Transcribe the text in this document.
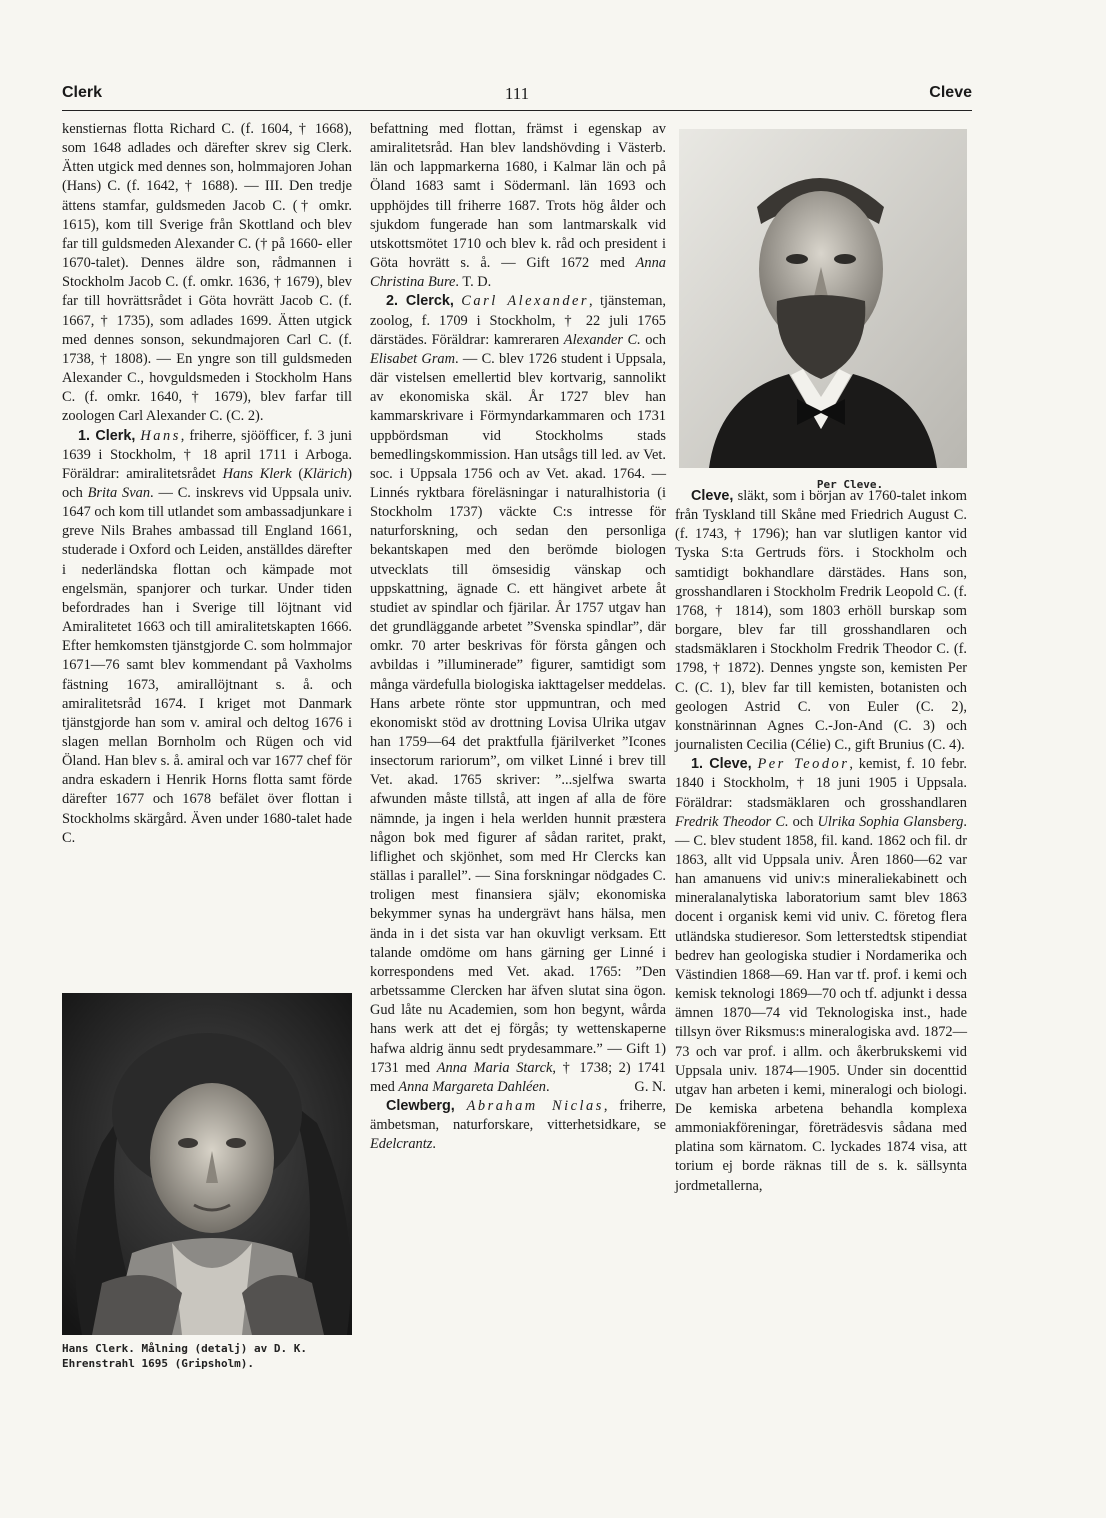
Clerk	111	Cleve

kenstiernas flotta Richard C. (f. 1604, † 1668), som 1648 adlades och därefter skrev sig Clerk. Ätten utgick med dennes son, holmmajoren Johan (Hans) C. (f. 1642, † 1688). — III. Den tredje ättens stamfar, guldsmeden Jacob C. († omkr. 1615), kom till Sverige från Skottland och blev far till guldsmeden Alexander C. († på 1660- eller 1670-talet). Dennes äldre son, rådmannen i Stockholm Jacob C. (f. omkr. 1636, † 1679), blev far till hovrättsrådet i Göta hovrätt Jacob C. (f. 1667, † 1735), som adlades 1699. Ätten utgick med dennes sonson, sekundmajoren Carl C. (f. 1738, † 1808). — En yngre son till guldsmeden Alexander C., hovguldsmeden i Stockholm Hans C. (f. omkr. 1640, † 1679), blev farfar till zoologen Carl Alexander C. (C. 2).

1. Clerk, Hans, friherre, sjööfficer, f. 3 juni 1639 i Stockholm, † 18 april 1711 i Arboga. Föräldrar: amiralitetsrådet Hans Klerk (Klärich) och Brita Svan. — C. inskrevs vid Uppsala univ. 1647 och kom till utlandet som ambassadjunkare i greve Nils Brahes ambassad till England 1661, studerade i Oxford och Leiden, anställdes därefter i nederländska flottan och kämpade mot engelsmän, spanjorer och turkar. Under tiden befordrades han i Sverige till löjtnant vid Amiralitetet 1663 och till amiralitetskapten 1666. Efter hemkomsten tjänstgjorde C. som holmmajor 1671—76 samt blev kommendant på Vaxholms fästning 1673, amirallöjtnant s. å. och amiralitetsråd 1674. I kriget mot Danmark tjänstgjorde han som v. amiral och deltog 1676 i slagen mellan Bornholm och Rügen och vid Öland. Han blev s. å. amiral och var 1677 chef för andra eskadern i Henrik Horns flotta samt förde därefter 1677 och 1678 befälet över flottan i Stockholms skärgård. Även under 1680-talet hade C.

Hans Clerk. Målning (detalj) av D. K. Ehrenstrahl 1695 (Gripsholm).

befattning med flottan, främst i egenskap av amiralitetsråd. Han blev landshövding i Västerb. län och lappmarkerna 1680, i Kalmar län och på Öland 1683 samt i Södermanl. län 1693 och upphöjdes till friherre 1687. Trots hög ålder och sjukdom fungerade han som lantmarskalk vid utskottsmötet 1710 och blev k. råd och president i Göta hovrätt s. å. — Gift 1672 med Anna Christina Bure. T. D.

2. Clerck, Carl Alexander, tjänsteman, zoolog, f. 1709 i Stockholm, † 22 juli 1765 därstädes. Föräldrar: kamreraren Alexander C. och Elisabet Gram. — C. blev 1726 student i Uppsala, där vistelsen emellertid blev kortvarig, sannolikt av ekonomiska skäl. År 1727 blev han kammarskrivare i Förmyndarkammaren och 1731 uppbördsman vid Stockholms stads bemedlingskommission. Han utsågs till led. av Vet. soc. i Uppsala 1756 och av Vet. akad. 1764. — Linnés ryktbara föreläsningar i naturalhistoria (i Stockholm 1737) väckte C:s intresse för naturforskning, och sedan den personliga bekantskapen med den berömde biologen utvecklats till ömsesidig vänskap och uppskattning, ägnade C. ett hängivet arbete åt studiet av spindlar och fjärilar. År 1757 utgav han det grundläggande arbetet ”Svenska spindlar”, där omkr. 70 arter beskrivas för första gången och avbildas i ”illuminerade” figurer, samtidigt som många värdefulla biologiska iakttagelser meddelas. Hans arbete rönte stor uppmuntran, och med ekonomiskt stöd av drottning Lovisa Ulrika utgav han 1759—64 det praktfulla fjärilverket ”Icones insectorum rariorum”, om vilket Linné i brev till Vet. akad. 1765 skriver: ”...sjelfwa swarta afwunden måste tillstå, att ingen af alla de före nämnde, ja ingen i hela werlden hunnit præstera någon bok med figurer af sådan raritet, prakt, liflighet och skjönhet, som med Hr Clercks kan ställas i parallel”. — Sina forskningar nödgades C. troligen mest finansiera själv; ekonomiska bekymmer synas ha undergrävt hans hälsa, men ända in i det sista var han okuvligt verksam. Ett talande omdöme om hans gärning ger Linné i korrespondens med Vet. akad. 1765: ”Den arbetssamme Clercken har äfven slutat sina ögon. Gud låte nu Academien, som hon begynt, wårda hans werk att det ej förgås; ty wettenskaperne hafwa aldrig ännu sedt prydesammare.” — Gift 1) 1731 med Anna Maria Starck, † 1738; 2) 1741 med Anna Margareta Dahléen.	G. N.

Clewberg, Abraham Niclas, friherre, ämbetsman, naturforskare, vitterhetsidkare, se Edelcrantz.

Per Cleve.

Cleve, släkt, som i början av 1760-talet inkom från Tyskland till Skåne med Friedrich August C. (f. 1743, † 1796); han var slutligen kantor vid Tyska S:ta Gertruds förs. i Stockholm och samtidigt bokhandlare därstädes. Hans son, grosshandlaren i Stockholm Fredrik Leopold C. (f. 1768, † 1814), som 1803 erhöll burskap som borgare, blev far till grosshandlaren och stadsmäklaren i Stockholm Fredrik Theodor C. (f. 1798, † 1872). Dennes yngste son, kemisten Per C. (C. 1), blev far till kemisten, botanisten och geologen Astrid C. von Euler (C. 2), konstnärinnan Agnes C.-Jon-And (C. 3) och journalisten Cecilia (Célie) C., gift Brunius (C. 4).

1. Cleve, Per Teodor, kemist, f. 10 febr. 1840 i Stockholm, † 18 juni 1905 i Uppsala. Föräldrar: stadsmäklaren och grosshandlaren Fredrik Theodor C. och Ulrika Sophia Glansberg. — C. blev student 1858, fil. kand. 1862 och fil. dr 1863, allt vid Uppsala univ. Åren 1860—62 var han amanuens vid univ:s mineraliekabinett och mineralanalytiska laboratorium samt blev 1863 docent i organisk kemi vid univ. C. företog flera utländska studieresor. Som letterstedtsk stipendiat bedrev han geologiska studier i Nordamerika och Västindien 1868—69. Han var tf. prof. i kemi och kemisk teknologi 1869—70 och tf. adjunkt i dessa ämnen 1870—74 vid Teknologiska inst., hade tillsyn över Riksmus:s mineralogiska avd. 1872—73 och var prof. i allm. och åkerbrukskemi vid Uppsala univ. 1874—1905. Under sin docenttid utgav han arbeten i kemi, mineralogi och biologi. De kemiska arbetena behandla komplexa ammoniakföreningar, företrädesvis sådana med platina som kärnatom. C. lyckades 1874 visa, att torium ej borde räknas till de s. k. sällsynta jordmetallerna,
